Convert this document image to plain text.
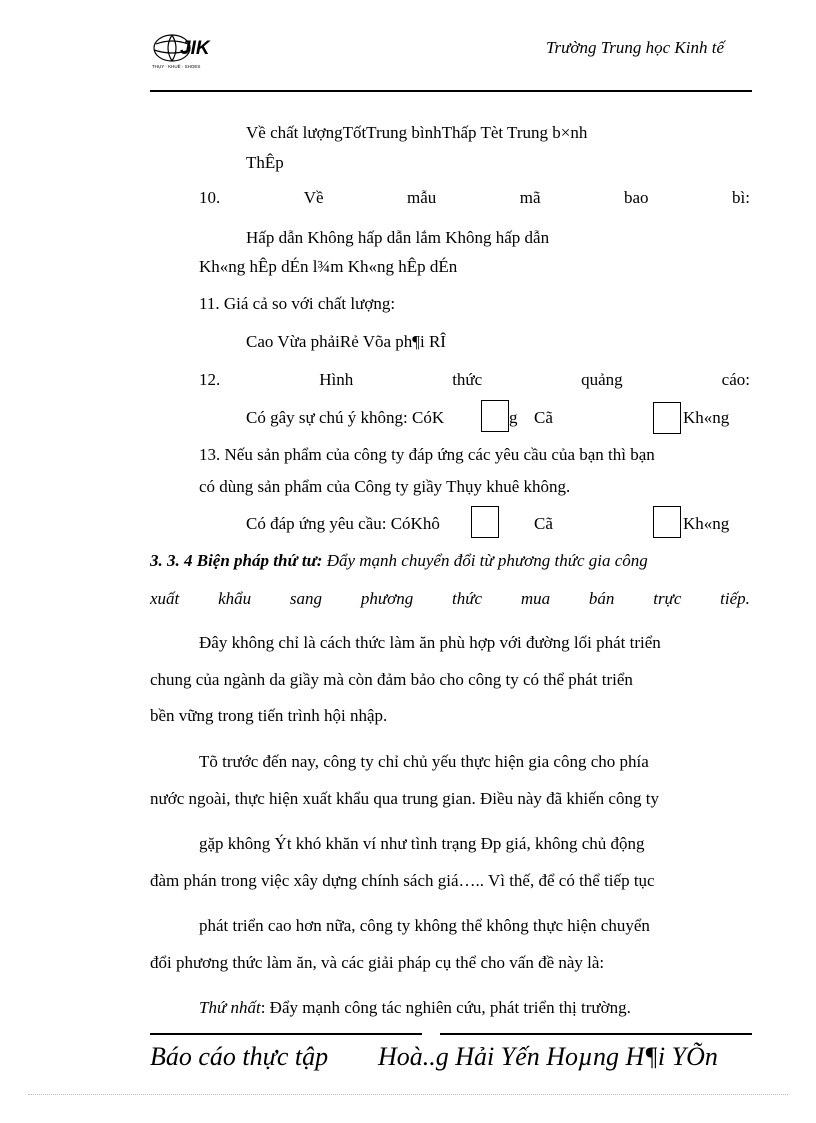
JIK
THỤY · KHUÊ · SHOES
Trường Trung học Kinh tế
Về chất lượngTốtTrung bìnhThấp Tèt Trung b×nh
ThÊp
10.	Về	mẫu	mã	bao	bì:
Hấp dẫn Không hấp dẫn lắm Không hấp dẫn
Kh«ng hÊp dÉn l¾m Kh«ng hÊp dÉn
11. Giá cả so với chất lượng:
Cao Vừa phảiRẻ Võa ph¶i RÎ
12.	Hình	thức	quảng	cáo:
Có gây sự chú ý không: CóK	g Cã	Kh«ng
13. Nếu sản phẩm của công ty đáp ứng các yêu cầu của bạn thì bạn
có dùng sản phẩm của Công ty giầy Thụy khuê không.
Có đáp ứng yêu cầu: CóKhô	Cã	Kh«ng
3. 3. 4 Biện pháp thứ tư: Đẩy mạnh chuyển đổi từ phương thức gia công
xuất khẩu sang phương thức mua bán trực tiếp.
Đây không chỉ là cách thức làm ăn phù hợp với đường lối phát triển
chung của ngành da giầy mà còn đảm bảo cho công ty có thể phát triển
bền vững trong tiến trình hội nhập.
Tõ trước đến nay, công ty chỉ chủ yếu thực hiện gia công cho phía
nước ngoài, thực hiện xuất khẩu qua trung gian. Điều này đã khiến công ty
gặp không Ýt khó khăn ví như tình trạng Ðp giá, không chủ động
đàm phán trong việc xây dựng chính sách giá….. Vì thế, để có thể tiếp tục
phát triển cao hơn nữa, công ty không thể không thực hiện chuyển
đổi phương thức làm ăn, và các giải pháp cụ thể cho vấn đề này là:
Thứ nhất: Đẩy mạnh công tác nghiên cứu, phát triển thị trường.
Báo cáo thực tập Hoà..g Hải Yến Hoµng H¶i YÕn
